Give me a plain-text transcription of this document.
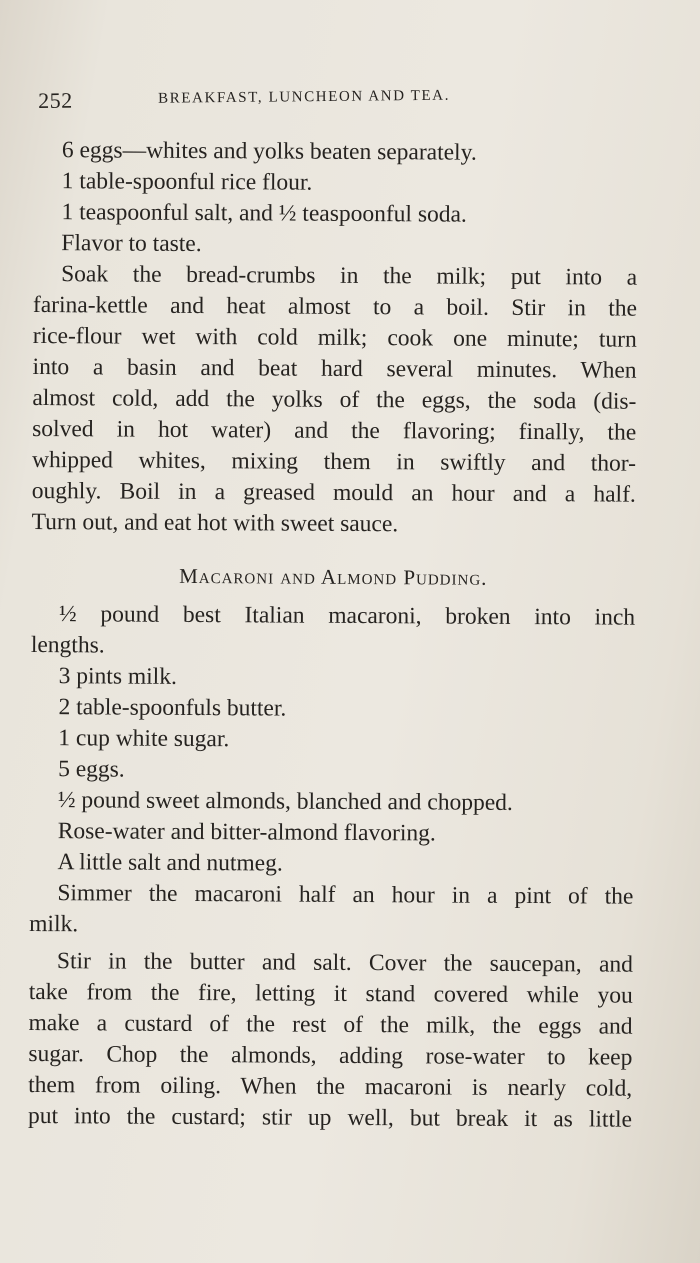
252	BREAKFAST, LUNCHEON AND TEA.
6 eggs—whites and yolks beaten separately.
1 table-spoonful rice flour.
1 teaspoonful salt, and ½ teaspoonful soda.
Flavor to taste.
Soak the bread-crumbs in the milk; put into a
farina-kettle and heat almost to a boil. Stir in the
rice-flour wet with cold milk; cook one minute; turn
into a basin and beat hard several minutes. When
almost cold, add the yolks of the eggs, the soda (dis-
solved in hot water) and the flavoring; finally, the
whipped whites, mixing them in swiftly and thor-
oughly. Boil in a greased mould an hour and a half.
Turn out, and eat hot with sweet sauce.
Macaroni and Almond Pudding.
½ pound best Italian macaroni, broken into inch
lengths.
3 pints milk.
2 table-spoonfuls butter.
1 cup white sugar.
5 eggs.
½ pound sweet almonds, blanched and chopped.
Rose-water and bitter-almond flavoring.
A little salt and nutmeg.
Simmer the macaroni half an hour in a pint of the
milk.
Stir in the butter and salt. Cover the saucepan, and
take from the fire, letting it stand covered while you
make a custard of the rest of the milk, the eggs and
sugar. Chop the almonds, adding rose-water to keep
them from oiling. When the macaroni is nearly cold,
put into the custard; stir up well, but break it as little
